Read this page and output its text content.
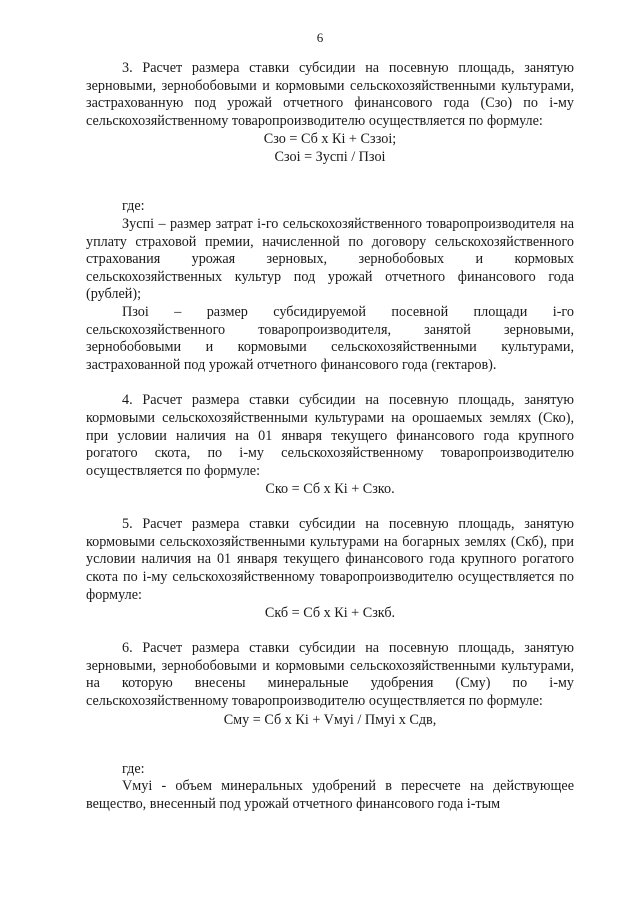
6

3. Расчет размера ставки субсидии на посевную площадь, занятую зерновыми, зернобобовыми и кормовыми сельскохозяйственными культурами, застрахованную под урожай отчетного финансового года (Сзо) по i-му сельскохозяйственному товаропроизводителю осуществляется по формуле:

Сзо = Сб х Кi + Сззоi;

Сзоi = Зуспi / Пзоi

где:

Зуспi – размер затрат i-го сельскохозяйственного товаропроизводителя на уплату страховой премии, начисленной по договору сельскохозяйственного страхования урожая зерновых, зернобобовых и кормовых сельскохозяйственных культур под урожай отчетного финансового года (рублей);

Пзоi – размер субсидируемой посевной площади i-го сельскохозяйственного товаропроизводителя, занятой зерновыми, зернобобовыми и кормовыми сельскохозяйственными культурами, застрахованной под урожай отчетного финансового года (гектаров).

4. Расчет размера ставки субсидии на посевную площадь, занятую кормовыми сельскохозяйственными культурами на орошаемых землях (Ско), при условии наличия на 01 января текущего финансового года крупного рогатого скота, по i-му сельскохозяйственному товаропроизводителю осуществляется по формуле:

Ско = Сб х Кi + Сзко.

5. Расчет размера ставки субсидии на посевную площадь, занятую кормовыми сельскохозяйственными культурами на богарных землях (Скб), при условии наличия на 01 января текущего финансового года крупного рогатого скота по i-му сельскохозяйственному товаропроизводителю осуществляется по формуле:

Скб = Сб х Кi + Сзкб.

6. Расчет размера ставки субсидии на посевную площадь, занятую зерновыми, зернобобовыми и кормовыми сельскохозяйственными культурами, на которую внесены минеральные удобрения (Сму) по i-му сельскохозяйственному товаропроизводителю осуществляется по формуле:

Сму = Сб х Кi + Vмуi / Пмуi х Сдв,

где:

Vмуi - объем минеральных удобрений в пересчете на действующее вещество, внесенный под урожай отчетного финансового года i-тым
